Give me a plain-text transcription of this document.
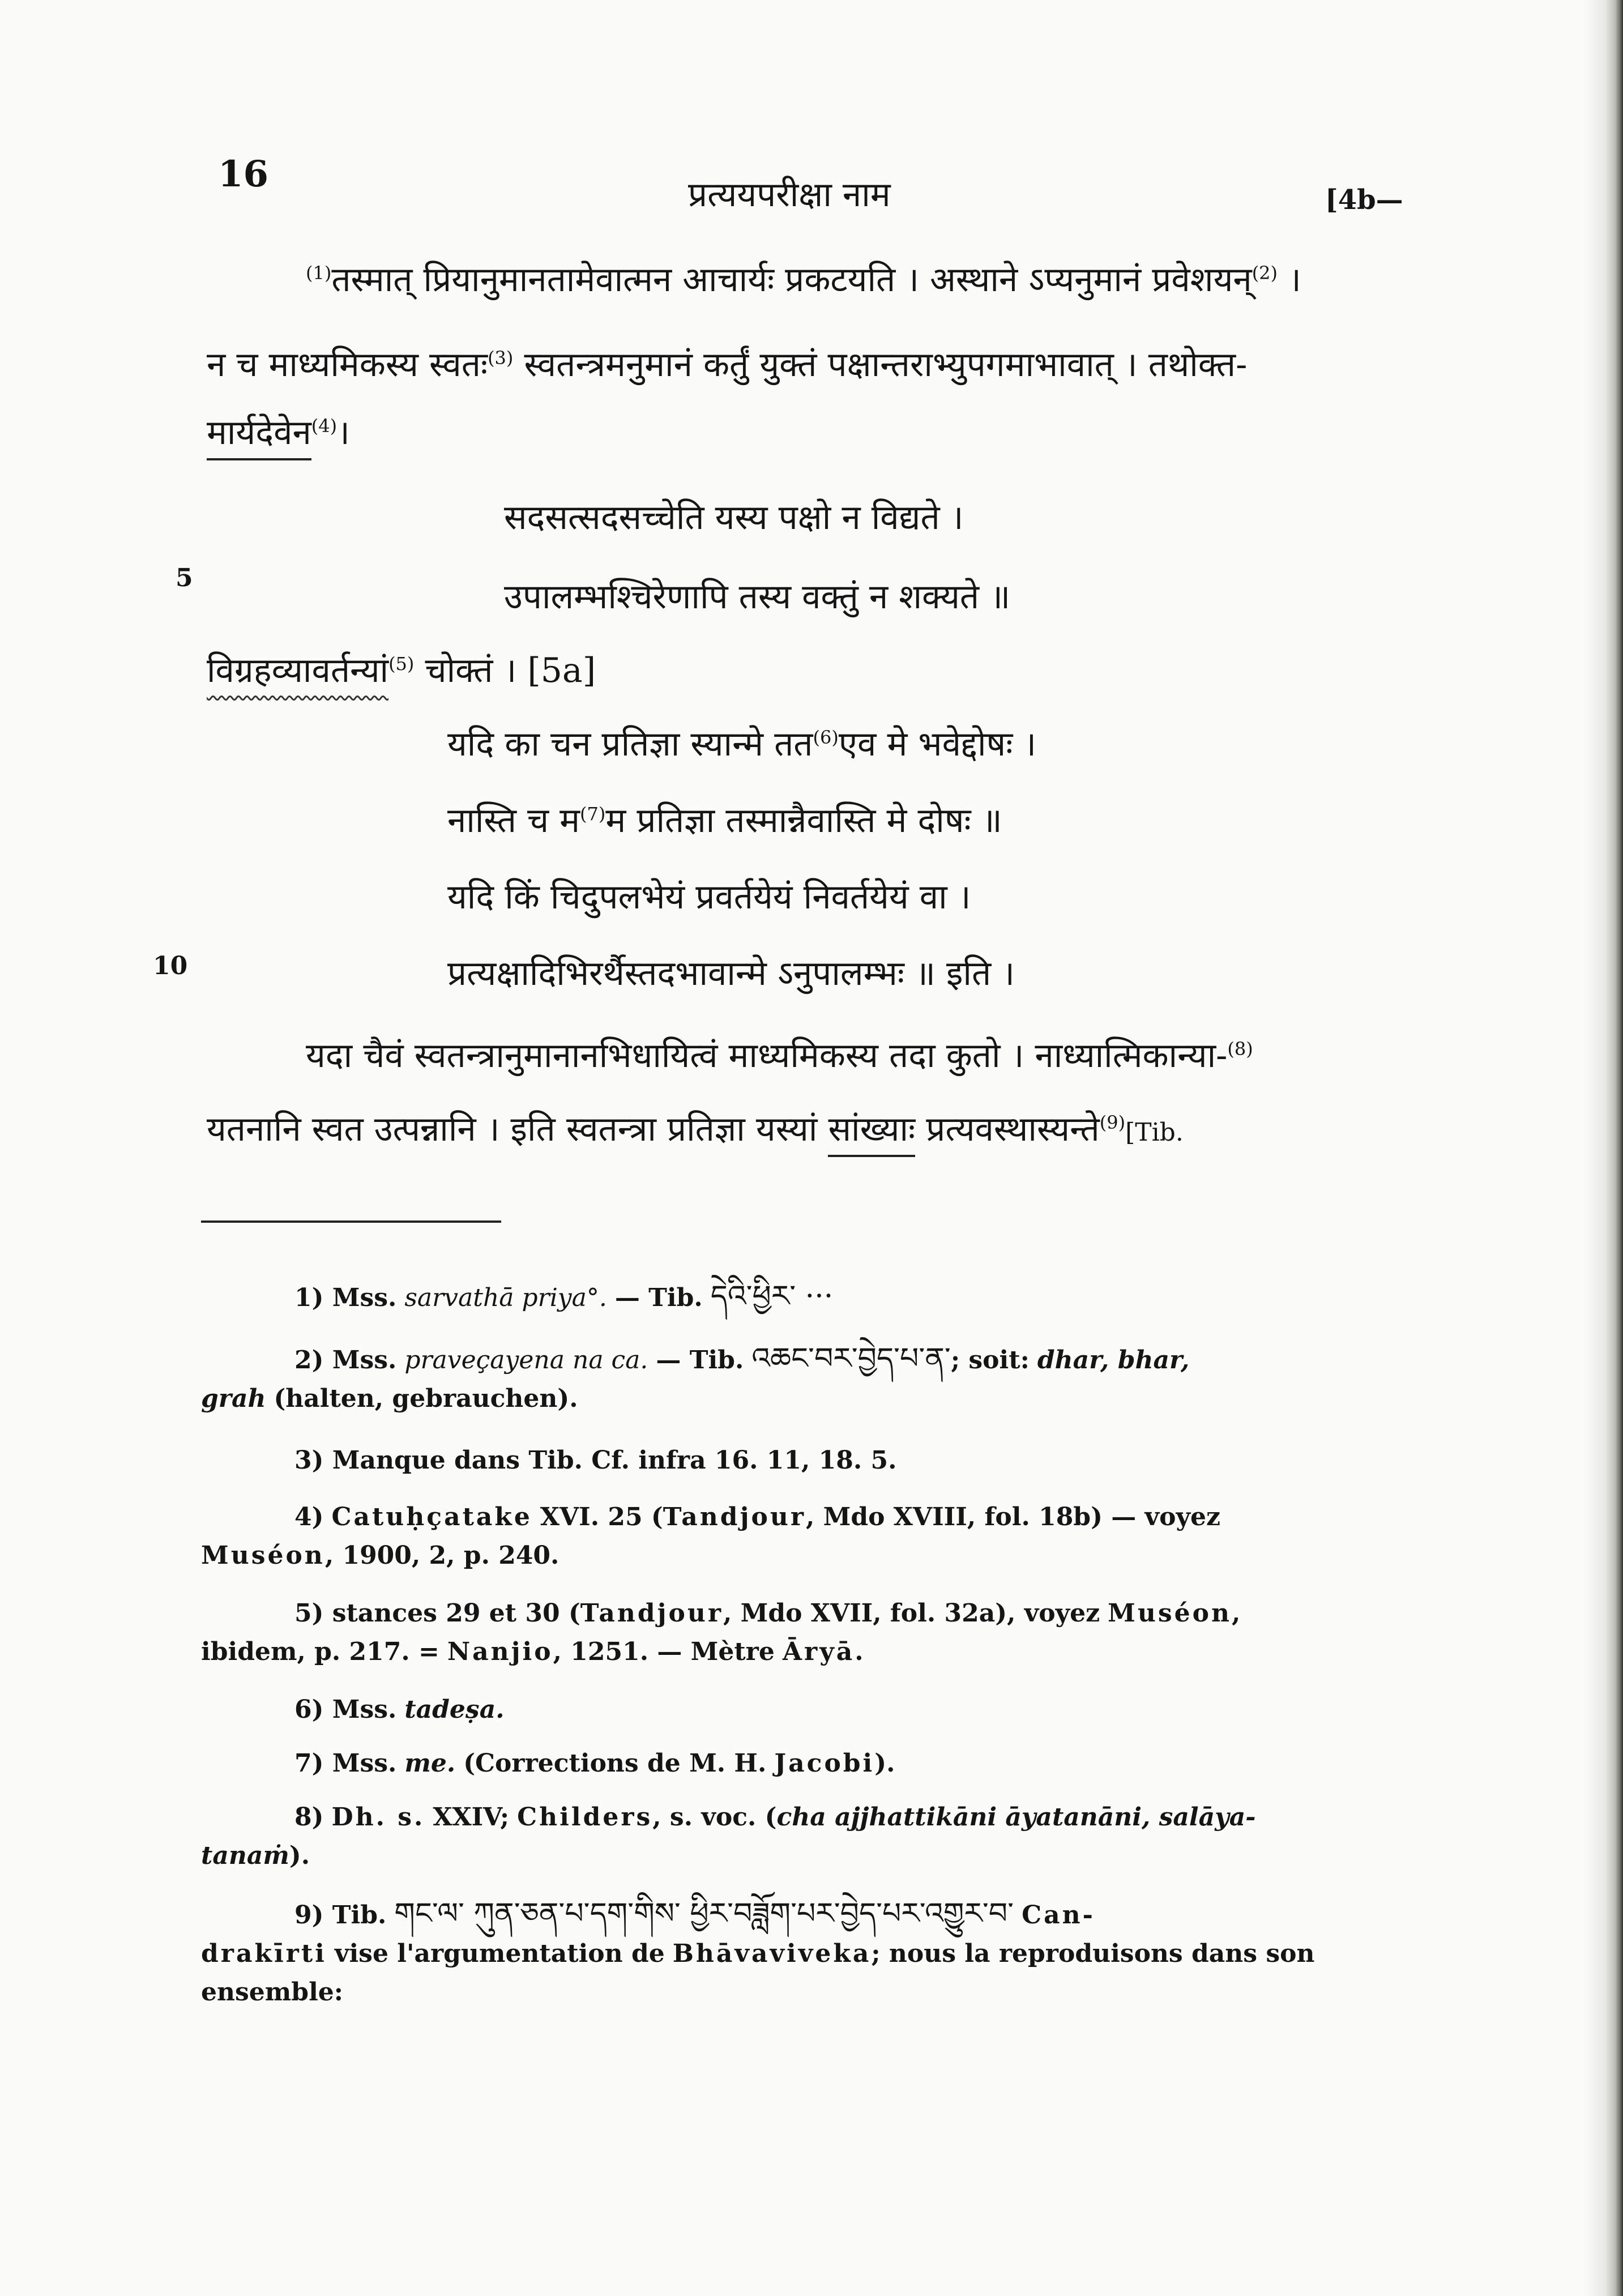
16	प्रत्ययपरीक्षा नाम	[4b—
5
10
$^{(1)}$तस्मात् प्रियानुमानतामेवात्मन आचार्यः प्रकटयति । अस्थाने ऽप्यनुमानं प्रवेशयन्$^{(2)}$ ।
न च माध्यमिकस्य स्वतः$^{(3)}$ स्वतन्त्रमनुमानं कर्तुं युक्तं पक्षान्तराभ्युपगमाभावात् । तथोक्त-
मार्यदेवेन$^{(4)}$।
सदसत्सदसच्चेति यस्य पक्षो न विद्यते ।
उपालम्भश्चिरेणापि तस्य वक्तुं न शक्यते ॥
विग्रहव्यावर्तन्यां$^{(5)}$ चोक्तं । [5a]
यदि का चन प्रतिज्ञा स्यान्मे तत$^{(6)}$एव मे भवेद्दोषः ।
नास्ति च म$^{(7)}$म प्रतिज्ञा तस्मान्नैवास्ति मे दोषः ॥
यदि किं चिदुपलभेयं प्रवर्तयेयं निवर्तयेयं वा ।
प्रत्यक्षादिभिरर्थैस्तदभावान्मे ऽनुपालम्भः ॥ इति ।
यदा चैवं स्वतन्त्रानुमानानभिधायित्वं माध्यमिकस्य तदा कुतो । नाध्यात्मिकान्या-$^{(8)}$
यतनानि स्वत उत्पन्नानि । इति स्वतन्त्रा प्रतिज्ञा यस्यां सांख्याः प्रत्यवस्थास्यन्ते$^{(9)}$[Tib.
1) Mss. sarvathā priya°. — Tib. དེའི་ཕྱིར་ ···
2) Mss. praveçayena na ca. — Tib. འཆང་བར་བྱེད་པ་ན་; soit: dhar, bhar,
grah (halten, gebrauchen).
3) Manque dans Tib. Cf. infra 16. 11, 18. 5.
4) Catuḥçatake XVI. 25 (Tandjour, Mdo XVIII, fol. 18b) — voyez
Muséon, 1900, 2, p. 240.
5) stances 29 et 30 (Tandjour, Mdo XVII, fol. 32a), voyez Muséon,
ibidem, p. 217. = Nanjio, 1251. — Mètre Āryā.
6) Mss. tadeṣa.
7) Mss. me. (Corrections de M. H. Jacobi).
8) Dh. s. XXIV; Childers, s. voc. (cha ajjhattikāni āyatanāni, salāya-
tanaṁ).
9) Tib. གང་ལ་ ཀུན་ཅན་པ་དག་གིས་ ཕྱིར་བཟློག་པར་བྱེད་པར་འགྱུར་བ་ Can-
drakīrti vise l'argumentation de Bhāvaviveka; nous la reproduisons dans son
ensemble:
